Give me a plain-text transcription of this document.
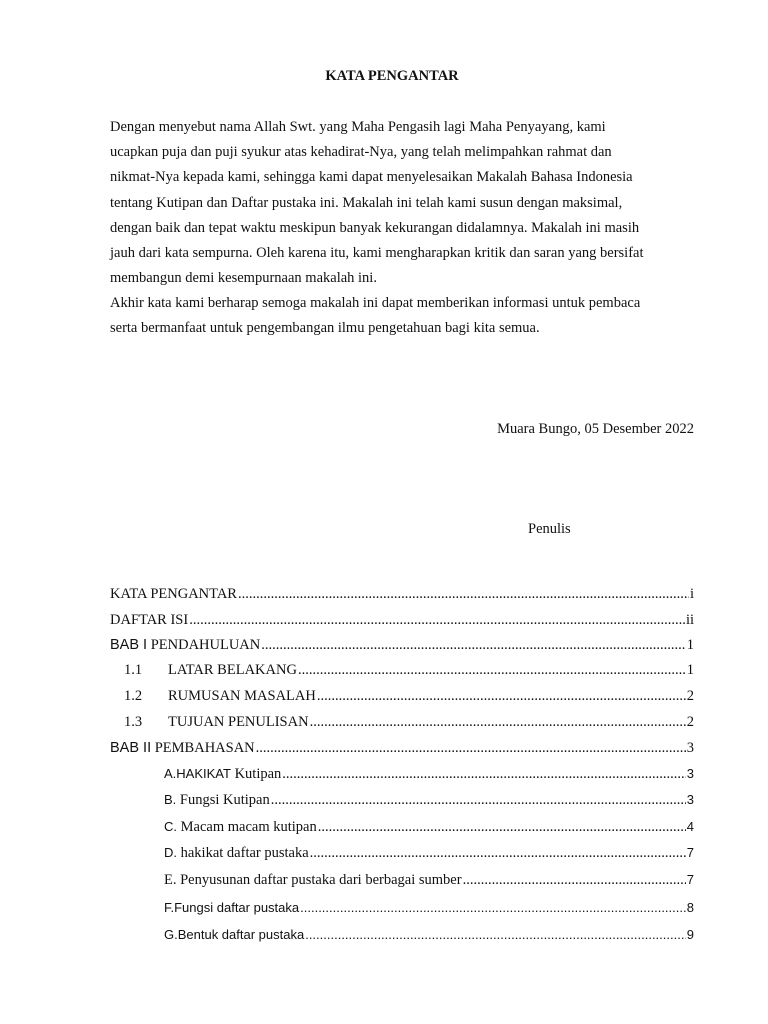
KATA PENGANTAR
Dengan menyebut nama Allah Swt. yang Maha Pengasih lagi Maha Penyayang, kami
ucapkan puja dan puji syukur atas kehadirat-Nya, yang telah melimpahkan rahmat dan
nikmat-Nya kepada kami, sehingga kami dapat menyelesaikan Makalah Bahasa Indonesia
tentang Kutipan dan Daftar pustaka ini. Makalah ini telah kami susun dengan maksimal,
dengan baik dan tepat waktu meskipun banyak kekurangan didalamnya. Makalah ini masih
jauh dari kata sempurna. Oleh karena itu, kami mengharapkan kritik dan saran yang bersifat
membangun demi kesempurnaan makalah ini.
Akhir kata kami berharap semoga makalah ini dapat memberikan informasi untuk pembaca
serta bermanfaat untuk pengembangan ilmu pengetahuan bagi kita semua.
Muara Bungo, 05 Desember 2022
Penulis
KATA PENGANTAR .....	i
DAFTAR ISI .....	ii
BAB I PENDAHULUAN .....	1
1.1	LATAR BELAKANG .....	1
1.2	RUMUSAN MASALAH .....	2
1.3	TUJUAN PENULISAN .....	2
BAB II PEMBAHASAN .....	3
A.HAKIKAT Kutipan .....	3
B. Fungsi Kutipan .....	3
C. Macam macam kutipan .....	4
D. hakikat daftar pustaka .....	7
E. Penyusunan daftar pustaka dari berbagai sumber .....	7
F.Fungsi daftar pustaka .....	8
G.Bentuk daftar pustaka .....	9
